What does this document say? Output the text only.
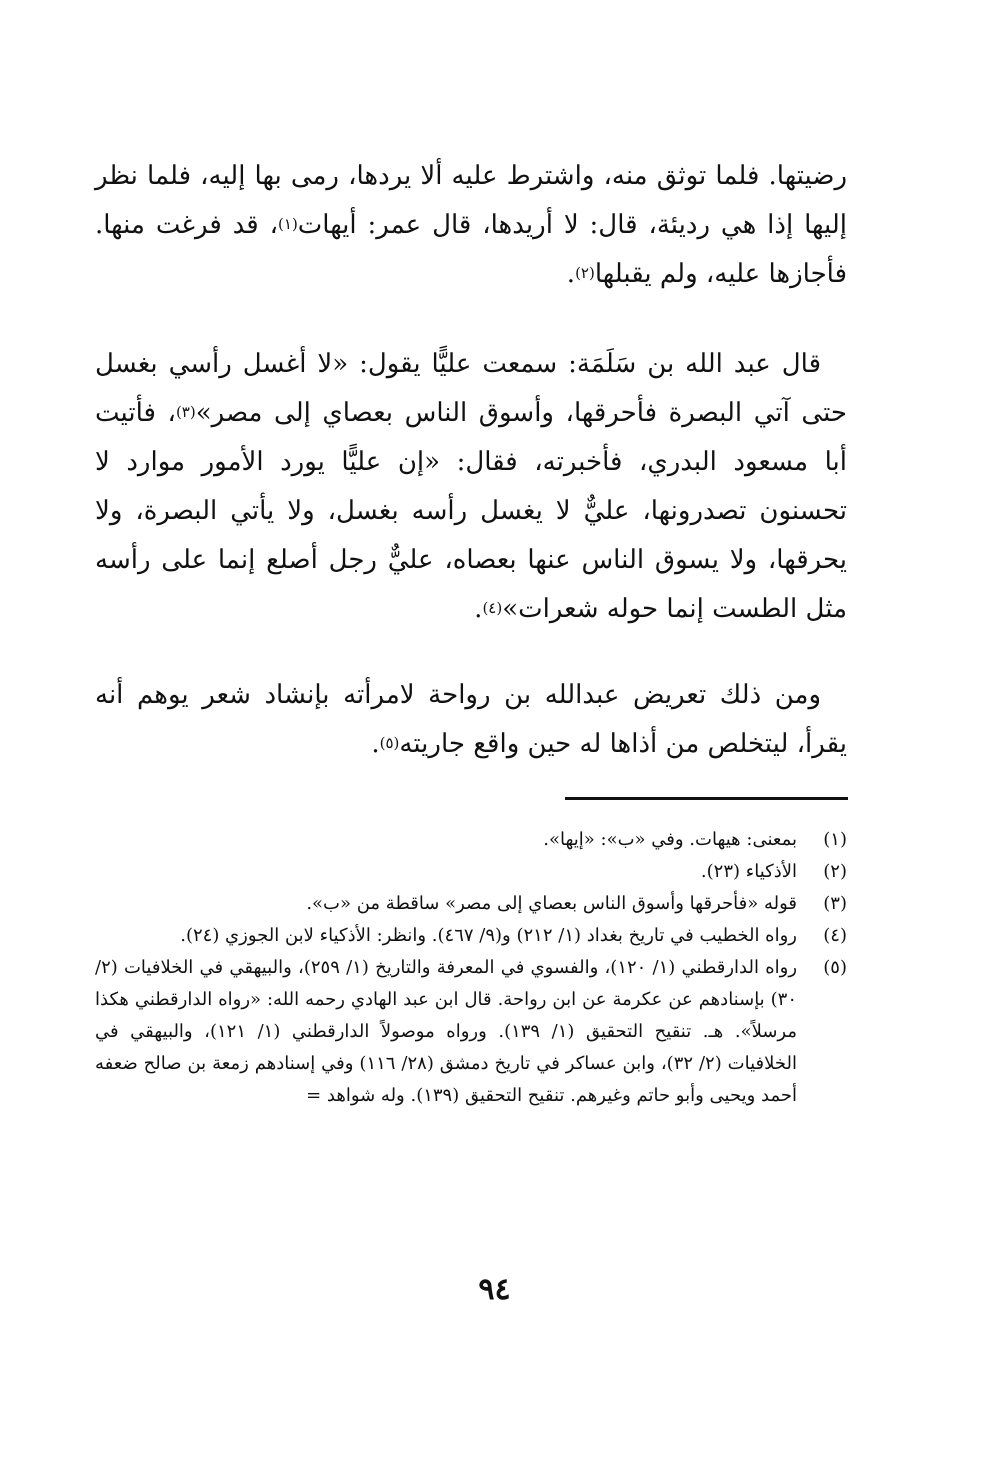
رضيتها. فلما توثق منه، واشترط عليه ألا يردها، رمى بها إليه، فلما نظر إليها إذا هي رديئة، قال: لا أريدها، قال عمر: أيهات$^{(١)}$، قد فرغت منها. فأجازها عليه، ولم يقبلها$^{(٢)}$.

قال عبد الله بن سَلَمَة: سمعت عليًّا يقول: «لا أغسل رأسي بغسل حتى آتي البصرة فأحرقها، وأسوق الناس بعصاي إلى مصر»$^{(٣)}$، فأتيت أبا مسعود البدري، فأخبرته، فقال: «إن عليًّا يورد الأمور موارد لا تحسنون تصدرونها، عليٌّ لا يغسل رأسه بغسل، ولا يأتي البصرة، ولا يحرقها، ولا يسوق الناس عنها بعصاه، عليٌّ رجل أصلع إنما على رأسه مثل الطست إنما حوله شعرات»$^{(٤)}$.

ومن ذلك تعريض عبدالله بن رواحة لامرأته بإنشاد شعر يوهم أنه يقرأ، ليتخلص من أذاها له حين واقع جاريته$^{(٥)}$.

(١)
بمعنى: هيهات. وفي «ب»: «إيها».
(٢)
الأذكياء (٢٣).
(٣)
قوله «فأحرقها وأسوق الناس بعصاي إلى مصر» ساقطة من «ب».
(٤)
رواه الخطيب في تاريخ بغداد (١/ ٢١٢) و(٩/ ٤٦٧). وانظر: الأذكياء لابن الجوزي (٢٤).
(٥)
رواه الدارقطني (١/ ١٢٠)، والفسوي في المعرفة والتاريخ (١/ ٢٥٩)، والبيهقي في الخلافيات (٢/ ٣٠) بإسنادهم عن عكرمة عن ابن رواحة. قال ابن عبد الهادي رحمه الله: «رواه الدارقطني هكذا مرسلاً». هـ. تنقيح التحقيق (١/ ١٣٩). ورواه موصولاً الدارقطني (١/ ١٢١)، والبيهقي في الخلافيات (٢/ ٣٢)، وابن عساكر في تاريخ دمشق (٢٨/ ١١٦) وفي إسنادهم زمعة بن صالح ضعفه أحمد ويحيى وأبو حاتم وغيرهم. تنقيح التحقيق (١٣٩). وله شواهد =
٩٤
